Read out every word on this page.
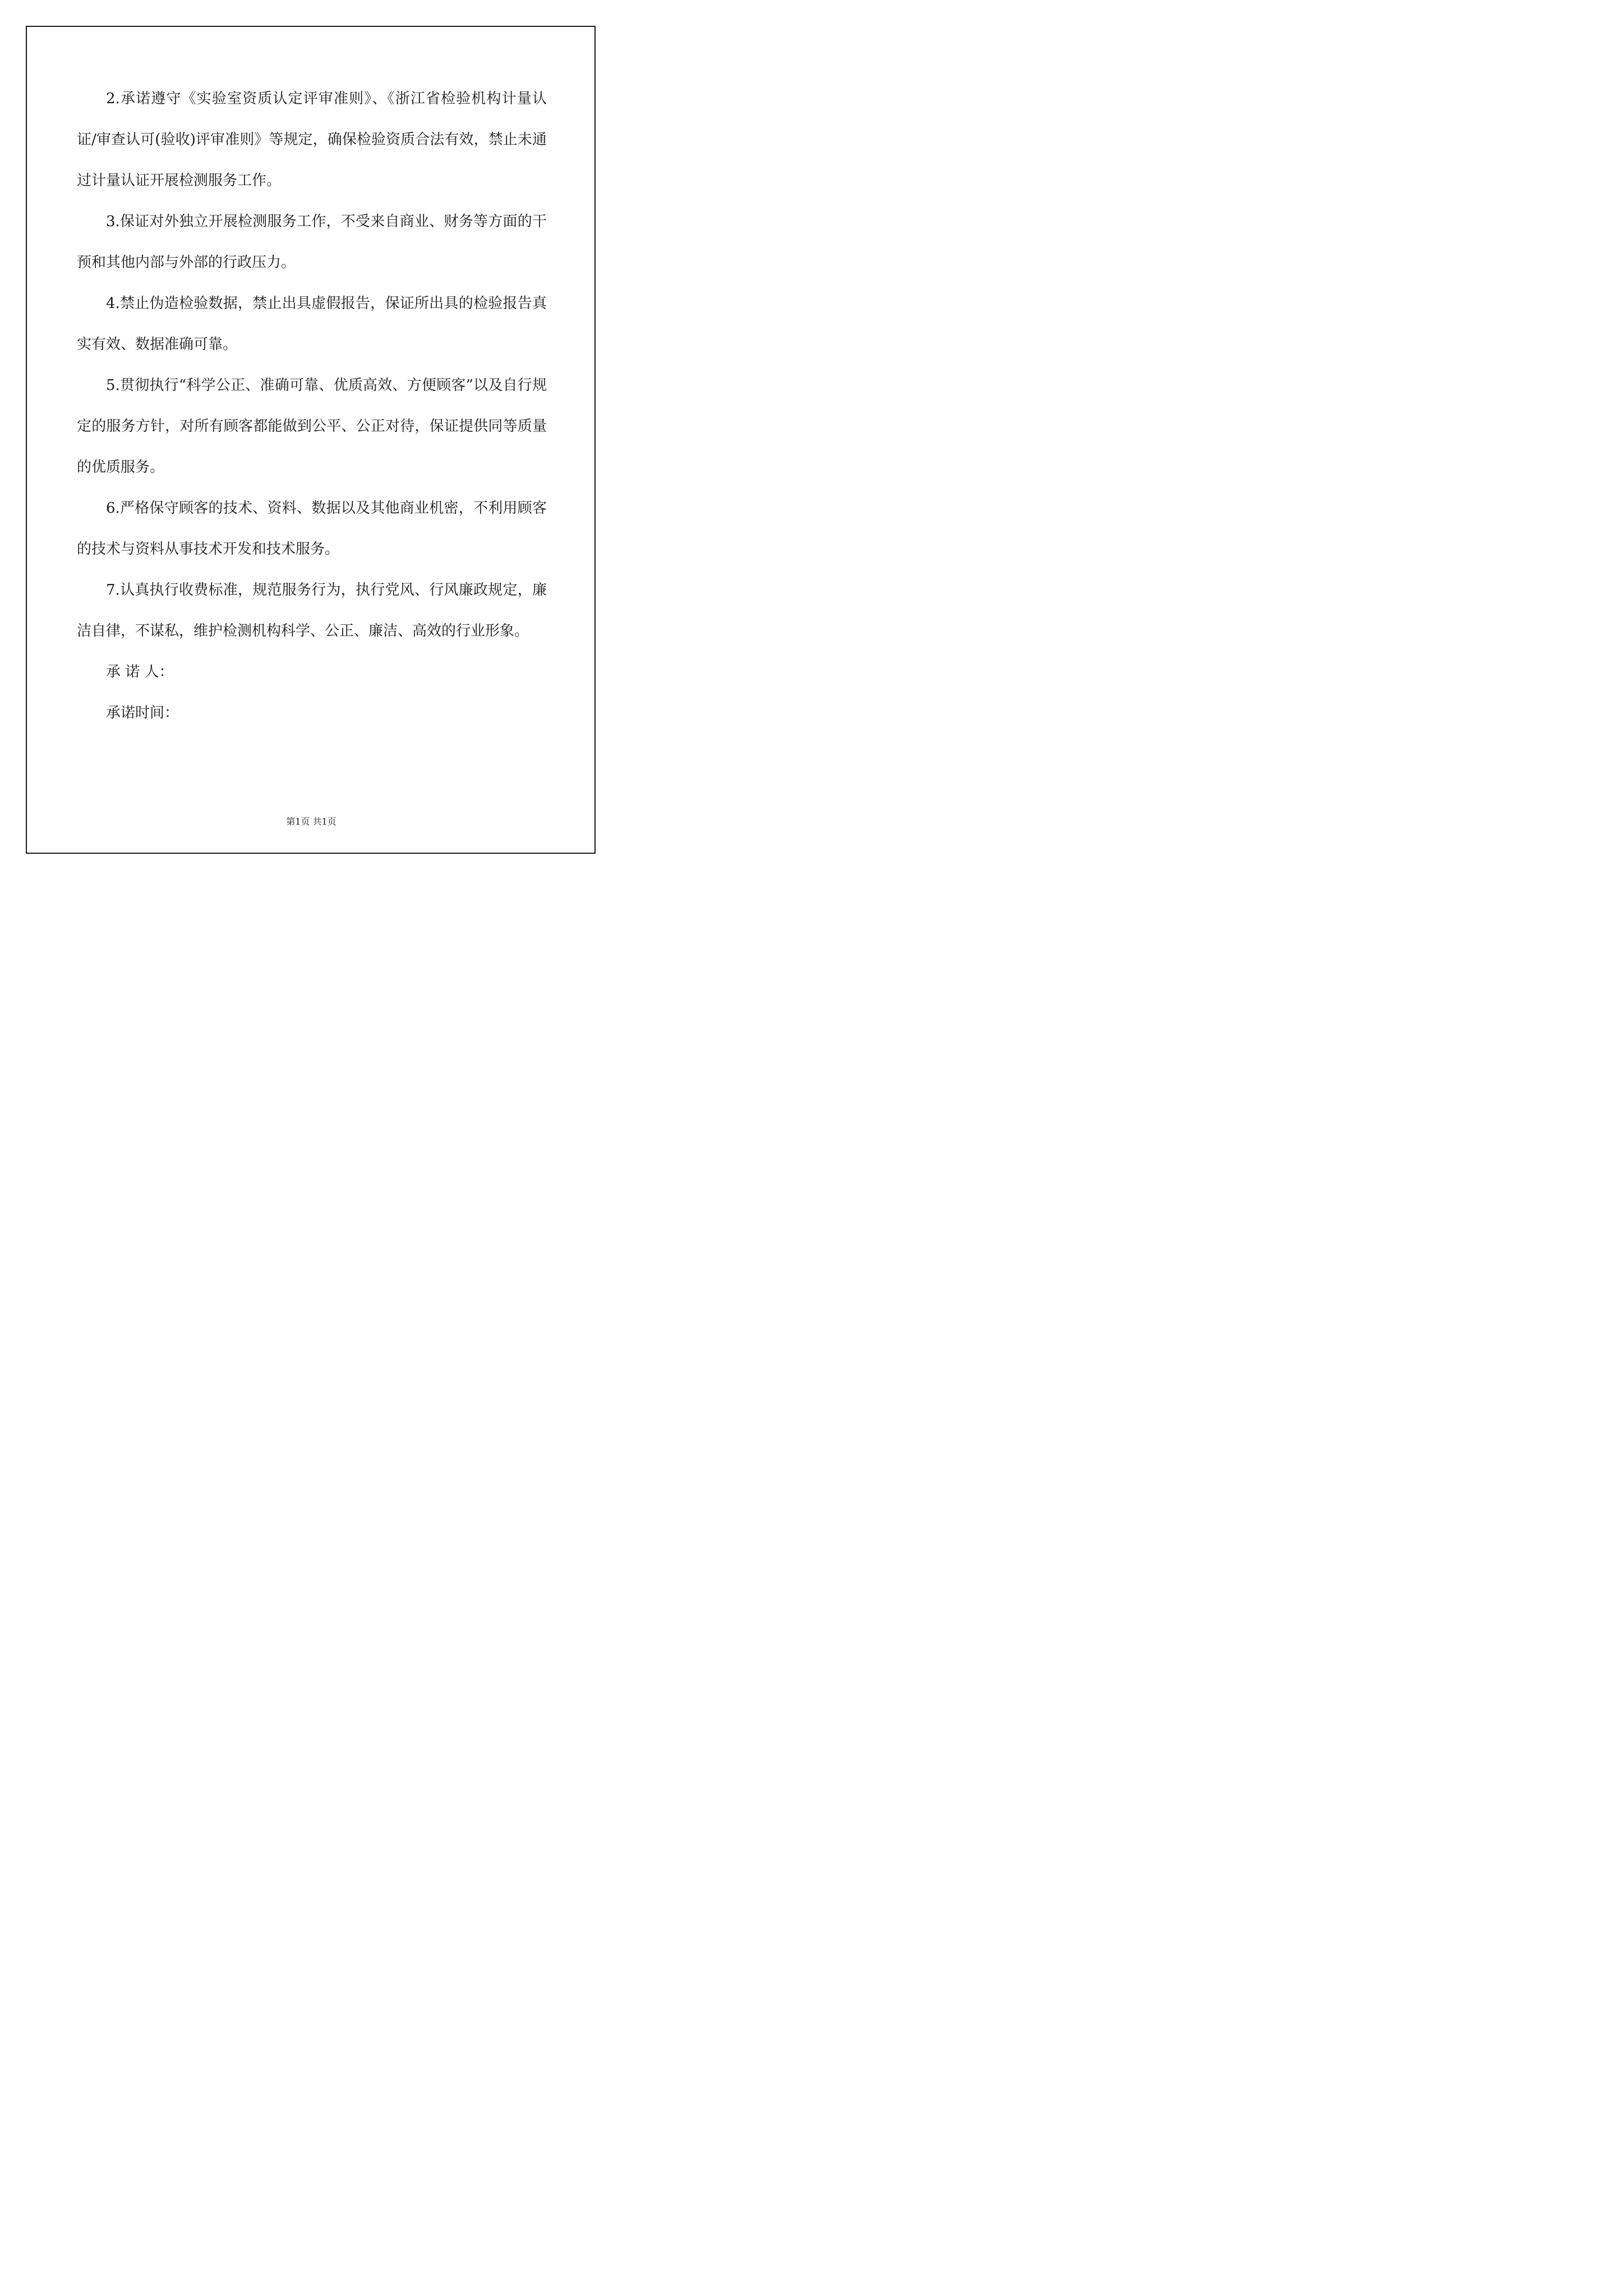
2.承诺遵守《实验室资质认定评审准则》、《浙江省检验机构计量认证/审查认可(验收)评审准则》等规定，确保检验资质合法有效，禁止未通过计量认证开展检测服务工作。

3.保证对外独立开展检测服务工作，不受来自商业、财务等方面的干预和其他内部与外部的行政压力。

4.禁止伪造检验数据，禁止出具虚假报告，保证所出具的检验报告真实有效、数据准确可靠。

5.贯彻执行“科学公正、准确可靠、优质高效、方便顾客”以及自行规定的服务方针，对所有顾客都能做到公平、公正对待，保证提供同等质量的优质服务。

6.严格保守顾客的技术、资料、数据以及其他商业机密，不利用顾客的技术与资料从事技术开发和技术服务。

7.认真执行收费标准，规范服务行为，执行党风、行风廉政规定，廉洁自律，不谋私，维护检测机构科学、公正、廉洁、高效的行业形象。

承 诺 人：

承诺时间：

第1页 共1页
